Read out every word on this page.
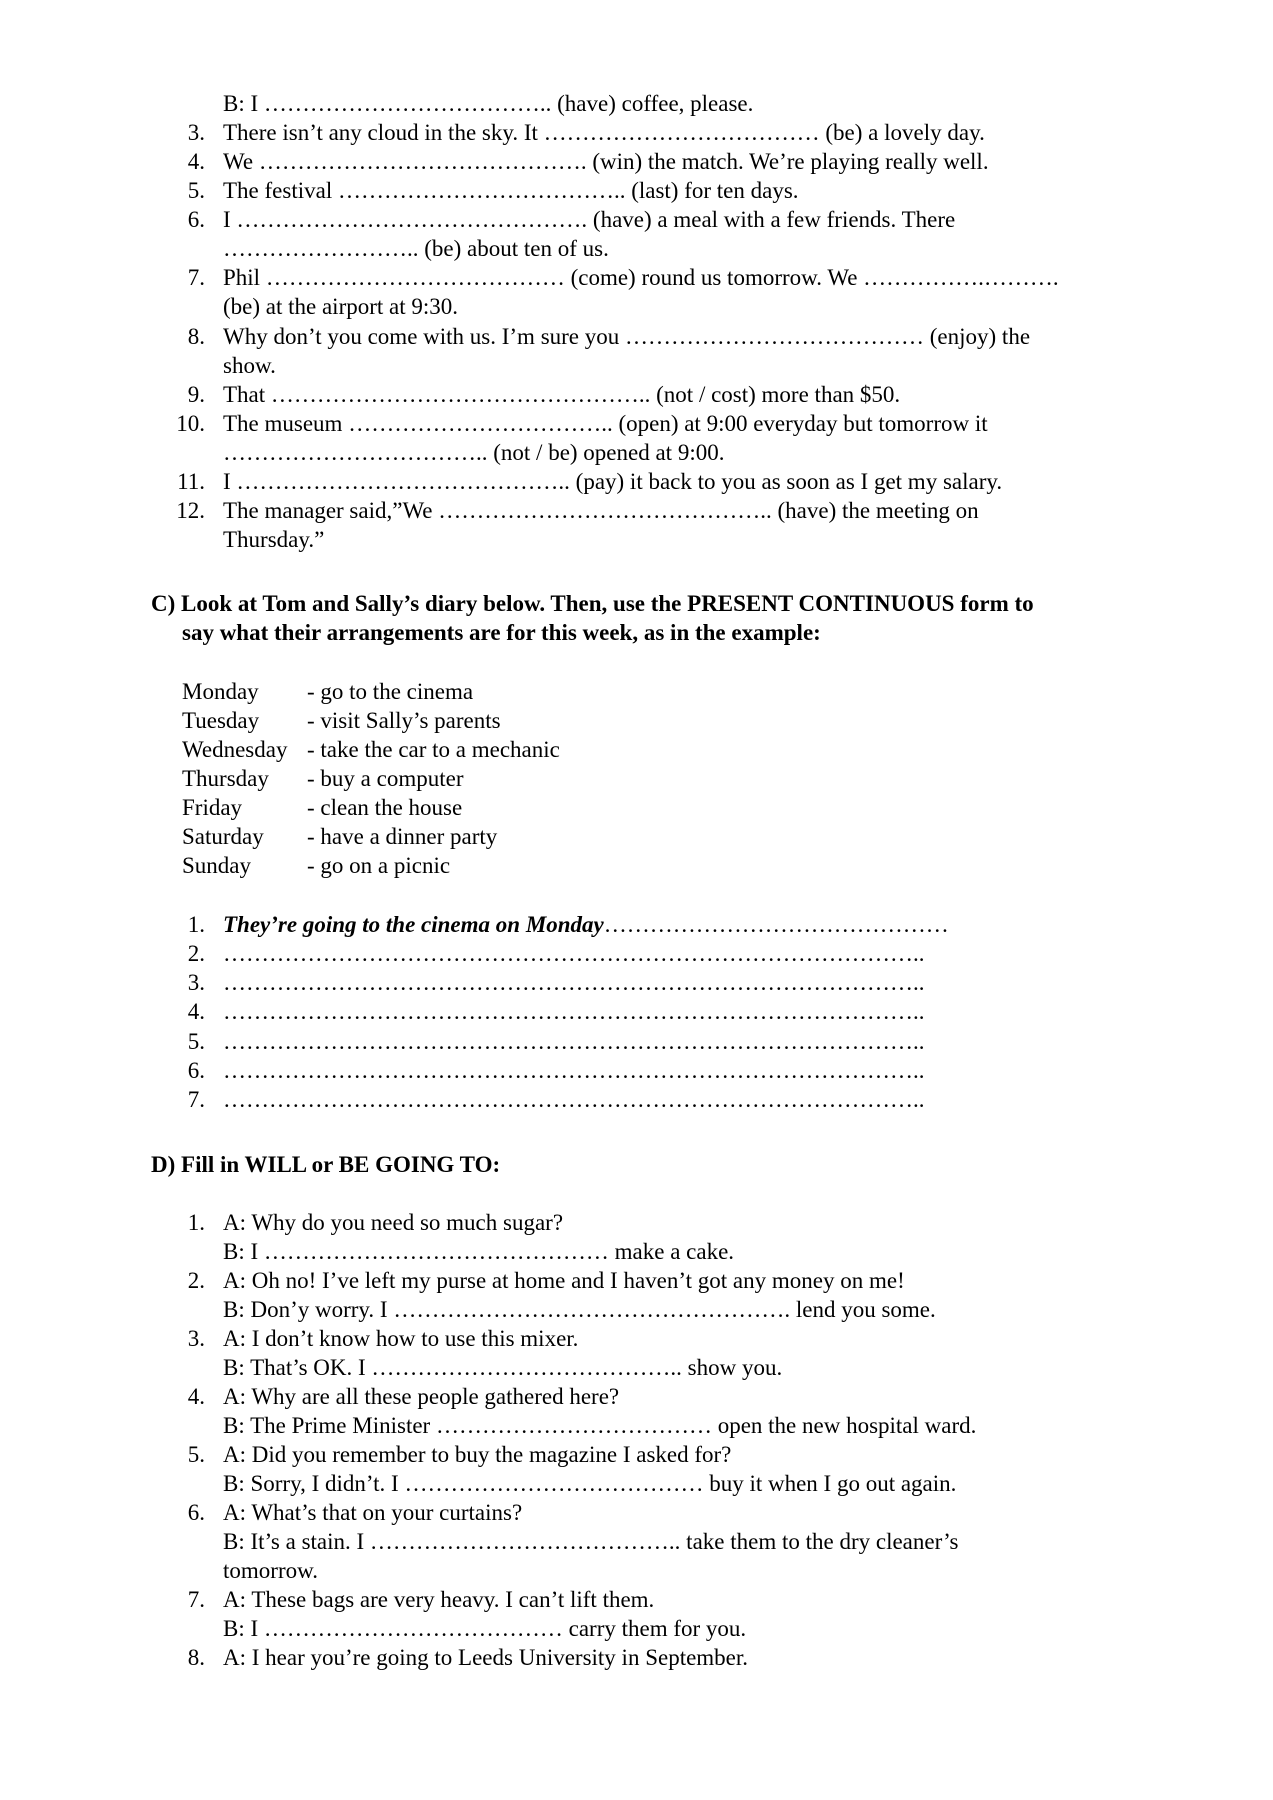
B: I ……………………………….. (have) coffee, please.
3. There isn’t any cloud in the sky. It ……………………………… (be) a lovely day.
4. We ……………………………………. (win) the match. We’re playing really well.
5. The festival ……………………………….. (last) for ten days.
6. I ………………………………………. (have) a meal with a few friends. There
…………………….. (be) about ten of us.
7. Phil ………………………………… (come) round us tomorrow. We …………….……….
(be) at the airport at 9:30.
8. Why don’t you come with us. I’m sure you ………………………………… (enjoy) the
show.
9. That ………………………………………….. (not / cost) more than $50.
10. The museum …………………………….. (open) at 9:00 everyday but tomorrow it
…………………………….. (not / be) opened at 9:00.
11. I …………………………………….. (pay) it back to you as soon as I get my salary.
12. The manager said,”We …………………………………….. (have) the meeting on
Thursday.”
C) Look at Tom and Sally’s diary below. Then, use the PRESENT CONTINUOUS form to
say what their arrangements are for this week, as in the example:
Monday - go to the cinema
Tuesday - visit Sally’s parents
Wednesday - take the car to a mechanic
Thursday - buy a computer
Friday	- clean the house
Saturday - have a dinner party
Sunday - go on a picnic
1. They’re going to the cinema on Monday………………………………………
2. ………………………………………………………………………………..
3. ………………………………………………………………………………..
4. ………………………………………………………………………………..
5. ………………………………………………………………………………..
6. ………………………………………………………………………………..
7. ………………………………………………………………………………..
D) Fill in WILL or BE GOING TO:
1. A: Why do you need so much sugar?
B: I ……………………………………… make a cake.
2. A: Oh no! I’ve left my purse at home and I haven’t got any money on me!
B: Don’y worry. I ……………………………………………. lend you some.
3. A: I don’t know how to use this mixer.
B: That’s OK. I ………………………………….. show you.
4. A: Why are all these people gathered here?
B: The Prime Minister ……………………………… open the new hospital ward.
5. A: Did you remember to buy the magazine I asked for?
B: Sorry, I didn’t. I ………………………………… buy it when I go out again.
6. A: What’s that on your curtains?
B: It’s a stain. I ………………………………….. take them to the dry cleaner’s
tomorrow.
7. A: These bags are very heavy. I can’t lift them.
B: I ………………………………… carry them for you.
8. A: I hear you’re going to Leeds University in September.
